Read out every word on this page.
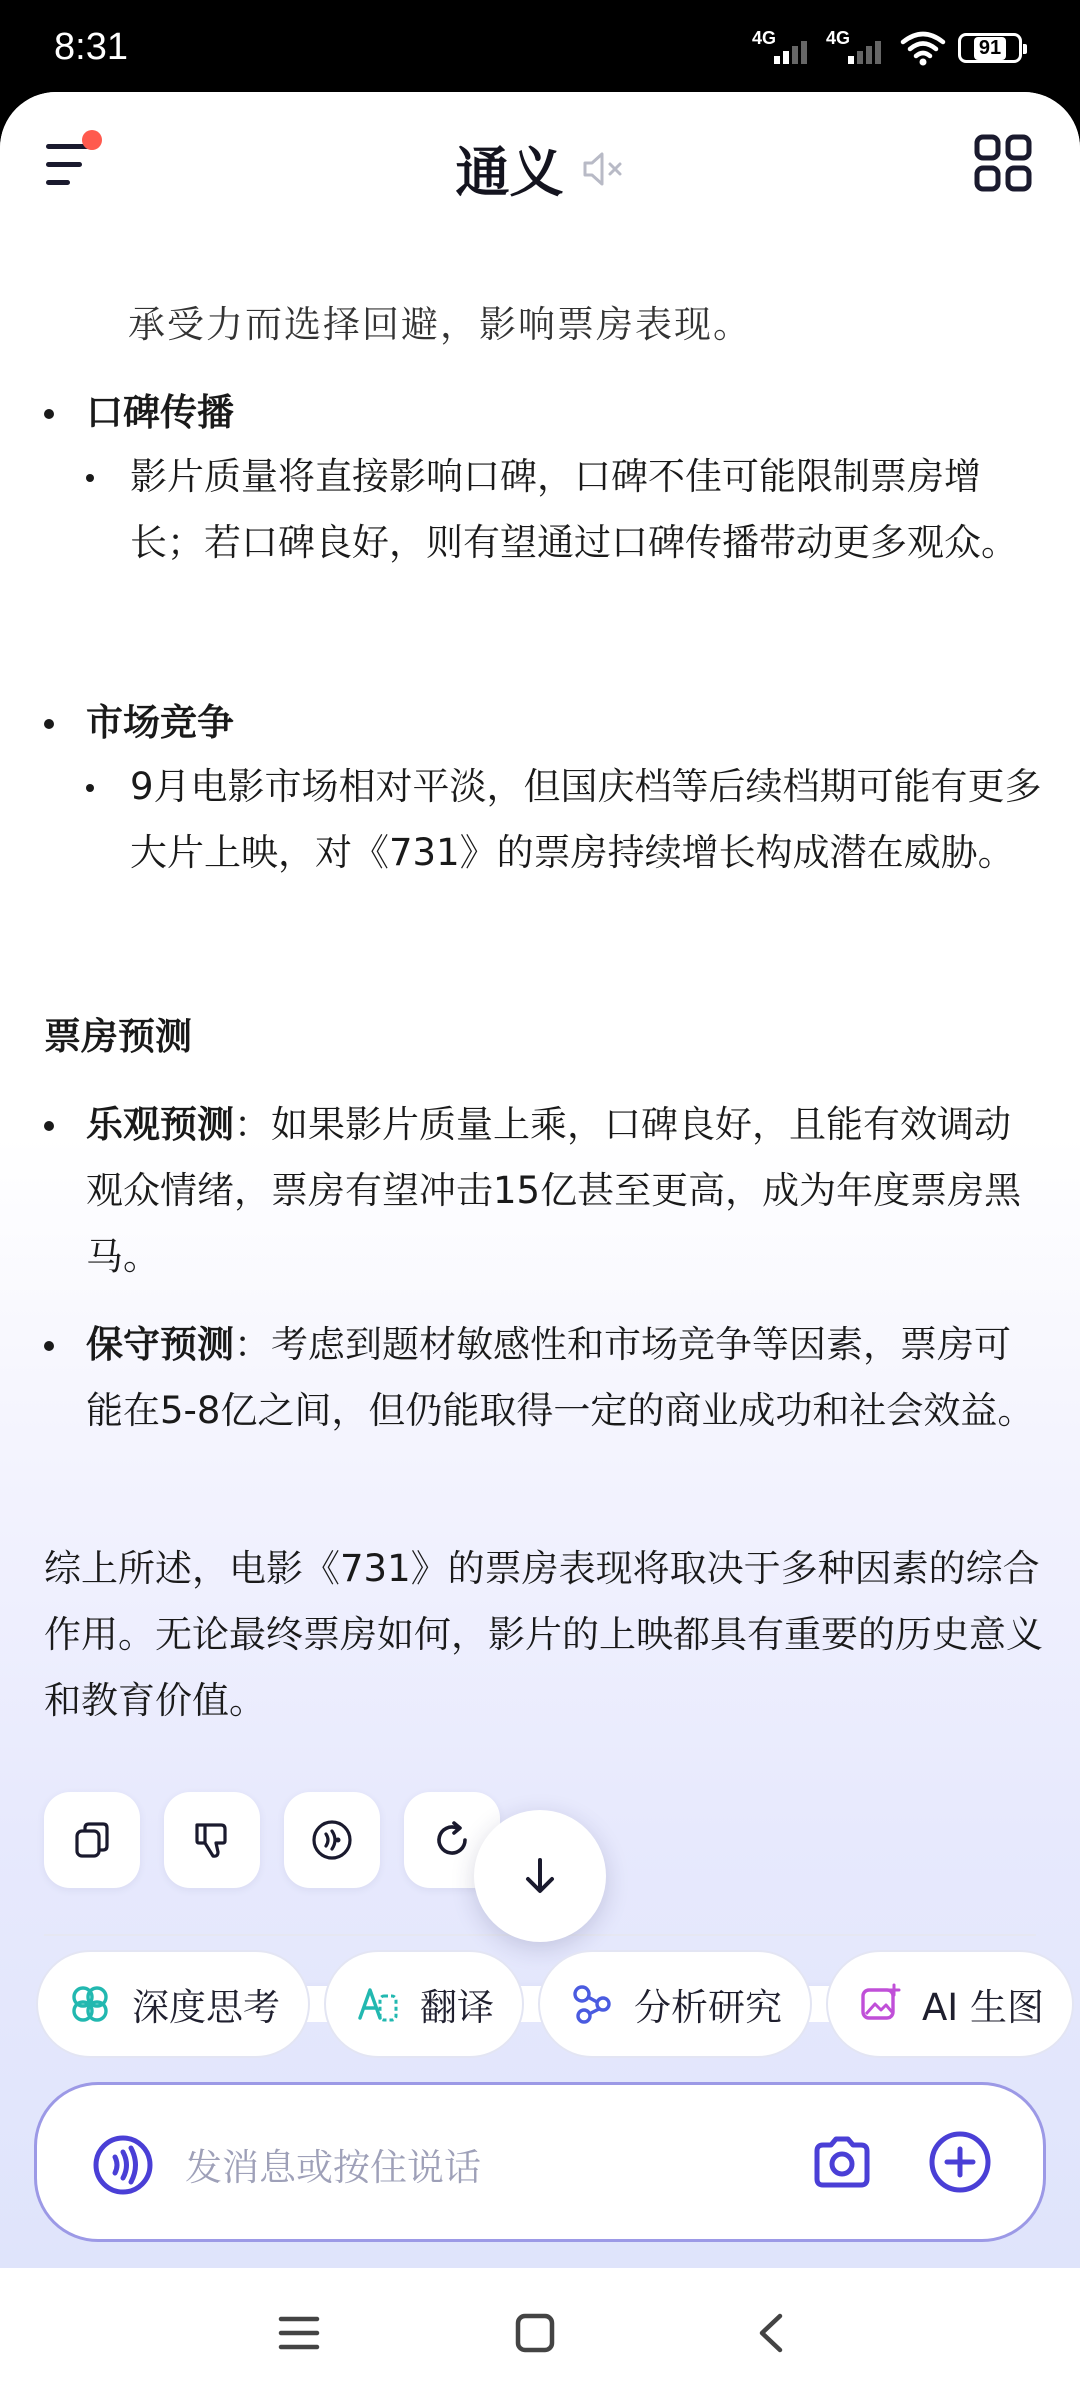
8:31	4G	4G	91
通义
承受力而选择回避，影响票房表现。
口碑传播
影片质量将直接影响口碑，口碑不佳可能限制票房增长；若口碑良好，则有望通过口碑传播带动更多观众。
市场竞争
9月电影市场相对平淡，但国庆档等后续档期可能有更多大片上映，对《731》的票房持续增长构成潜在威胁。
票房预测
乐观预测：如果影片质量上乘，口碑良好，且能有效调动观众情绪，票房有望冲击15亿甚至更高，成为年度票房黑马。
保守预测：考虑到题材敏感性和市场竞争等因素，票房可能在5-8亿之间，但仍能取得一定的商业成功和社会效益。
综上所述，电影《731》的票房表现将取决于多种因素的综合作用。无论最终票房如何，影片的上映都具有重要的历史意义和教育价值。
深度思考	翻译	分析研究	AI 生图
发消息或按住说话
